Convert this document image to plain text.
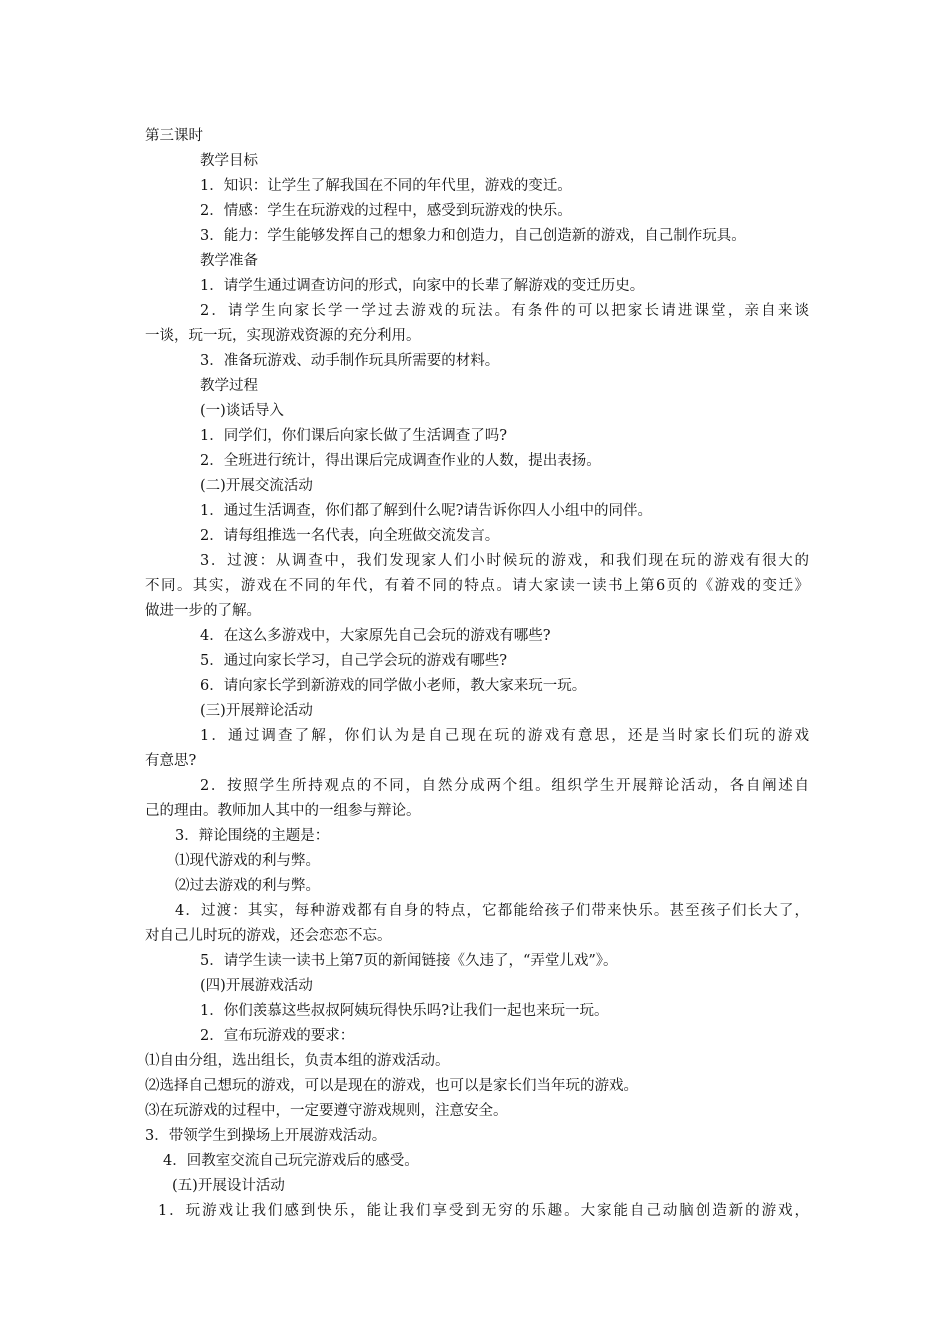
第三课时
教学目标
1．知识：让学生了解我国在不同的年代里，游戏的变迁。
2．情感：学生在玩游戏的过程中，感受到玩游戏的快乐。
3．能力：学生能够发挥自己的想象力和创造力，自己创造新的游戏，自己制作玩具。
教学准备
1．请学生通过调查访问的形式，向家中的长辈了解游戏的变迁历史。
2．请学生向家长学一学过去游戏的玩法。有条件的可以把家长请进课堂，亲自来谈
一谈，玩一玩，实现游戏资源的充分利用。
3．准备玩游戏、动手制作玩具所需要的材料。
教学过程
(一)谈话导入
1．同学们，你们课后向家长做了生活调查了吗?
2．全班进行统计，得出课后完成调查作业的人数，提出表扬。
(二)开展交流活动
1．通过生活调查，你们都了解到什么呢?请告诉你四人小组中的同伴。
2．请每组推选一名代表，向全班做交流发言。
3．过渡：从调查中，我们发现家人们小时候玩的游戏，和我们现在玩的游戏有很大的
不同。其实，游戏在不同的年代，有着不同的特点。请大家读一读书上第6页的《游戏的变迁》
做进一步的了解。
4．在这么多游戏中，大家原先自己会玩的游戏有哪些?
5．通过向家长学习，自己学会玩的游戏有哪些?
6．请向家长学到新游戏的同学做小老师，教大家来玩一玩。
(三)开展辩论活动
1．通过调查了解，你们认为是自己现在玩的游戏有意思，还是当时家长们玩的游戏
有意思?
2．按照学生所持观点的不同，自然分成两个组。组织学生开展辩论活动，各自阐述自
己的理由。教师加人其中的一组参与辩论。
3．辩论围绕的主题是：
⑴现代游戏的利与弊。
⑵过去游戏的利与弊。
4．过渡：其实，每种游戏都有自身的特点，它都能给孩子们带来快乐。甚至孩子们长大了，
对自己儿时玩的游戏，还会恋恋不忘。
5．请学生读一读书上第7页的新闻链接《久违了，“弄堂儿戏”》。
(四)开展游戏活动
1．你们羡慕这些叔叔阿姨玩得快乐吗?让我们一起也来玩一玩。
2．宣布玩游戏的要求：
⑴自由分组，选出组长，负责本组的游戏活动。
⑵选择自己想玩的游戏，可以是现在的游戏，也可以是家长们当年玩的游戏。
⑶在玩游戏的过程中，一定要遵守游戏规则，注意安全。
3．带领学生到操场上开展游戏活动。
4．回教室交流自己玩完游戏后的感受。
(五)开展设计活动
1．玩游戏让我们感到快乐，能让我们享受到无穷的乐趣。大家能自己动脑创造新的游戏，
